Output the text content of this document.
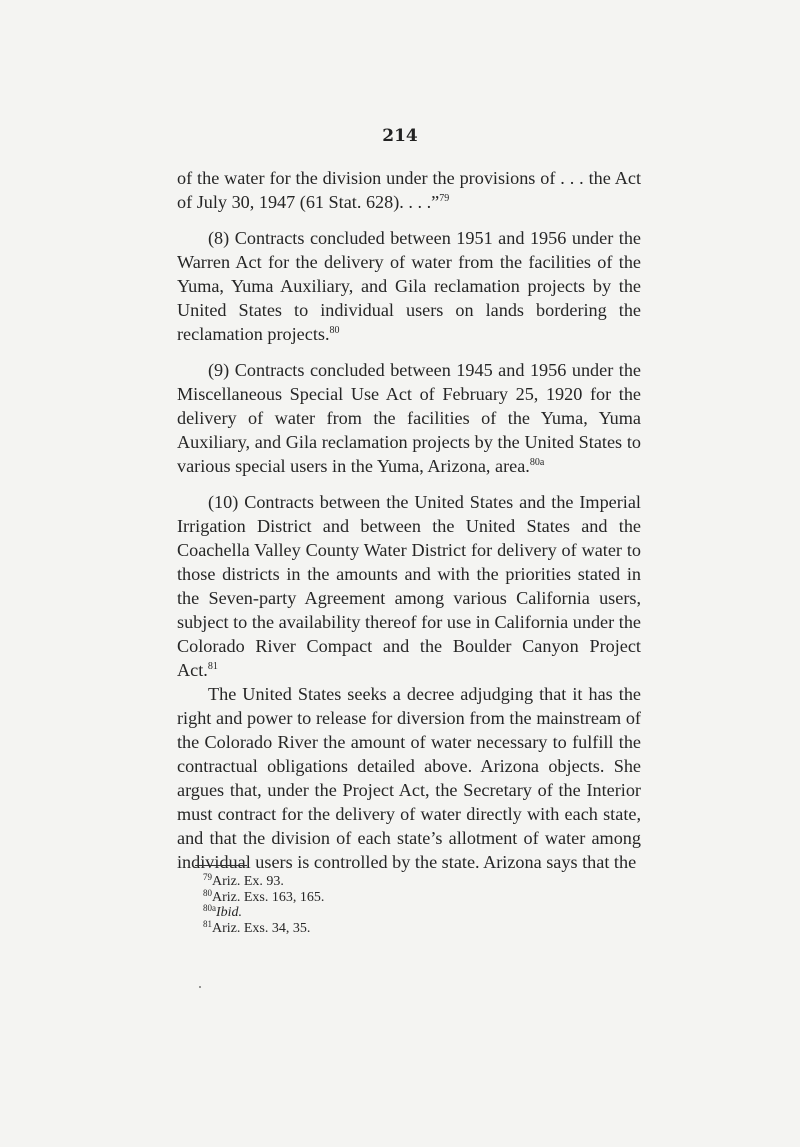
214

of the water for the division under the provisions of . . . the Act of July 30, 1947 (61 Stat. 628). . . .”$^{79}$

(8) Contracts concluded between 1951 and 1956 under the Warren Act for the delivery of water from the facilities of the Yuma, Yuma Auxiliary, and Gila reclamation projects by the United States to individual users on lands bordering the reclamation projects.$^{80}$

(9) Contracts concluded between 1945 and 1956 under the Miscellaneous Special Use Act of February 25, 1920 for the delivery of water from the facilities of the Yuma, Yuma Auxiliary, and Gila reclamation projects by the United States to various special users in the Yuma, Arizona, area.$^{80a}$

(10) Contracts between the United States and the Imperial Irrigation District and between the United States and the Coachella Valley County Water District for delivery of water to those districts in the amounts and with the priorities stated in the Seven-party Agreement among various California users, subject to the availability thereof for use in California under the Colorado River Compact and the Boulder Canyon Project Act.$^{81}$

The United States seeks a decree adjudging that it has the right and power to release for diversion from the mainstream of the Colorado River the amount of water necessary to fulfill the contractual obligations detailed above. Arizona objects. She argues that, under the Project Act, the Secretary of the Interior must contract for the delivery of water directly with each state, and that the division of each state’s allotment of water among individual users is controlled by the state. Arizona says that the

$^{79}$Ariz. Ex. 93.
$^{80}$Ariz. Exs. 163, 165.
$^{80a}$Ibid.
$^{81}$Ariz. Exs. 34, 35.
